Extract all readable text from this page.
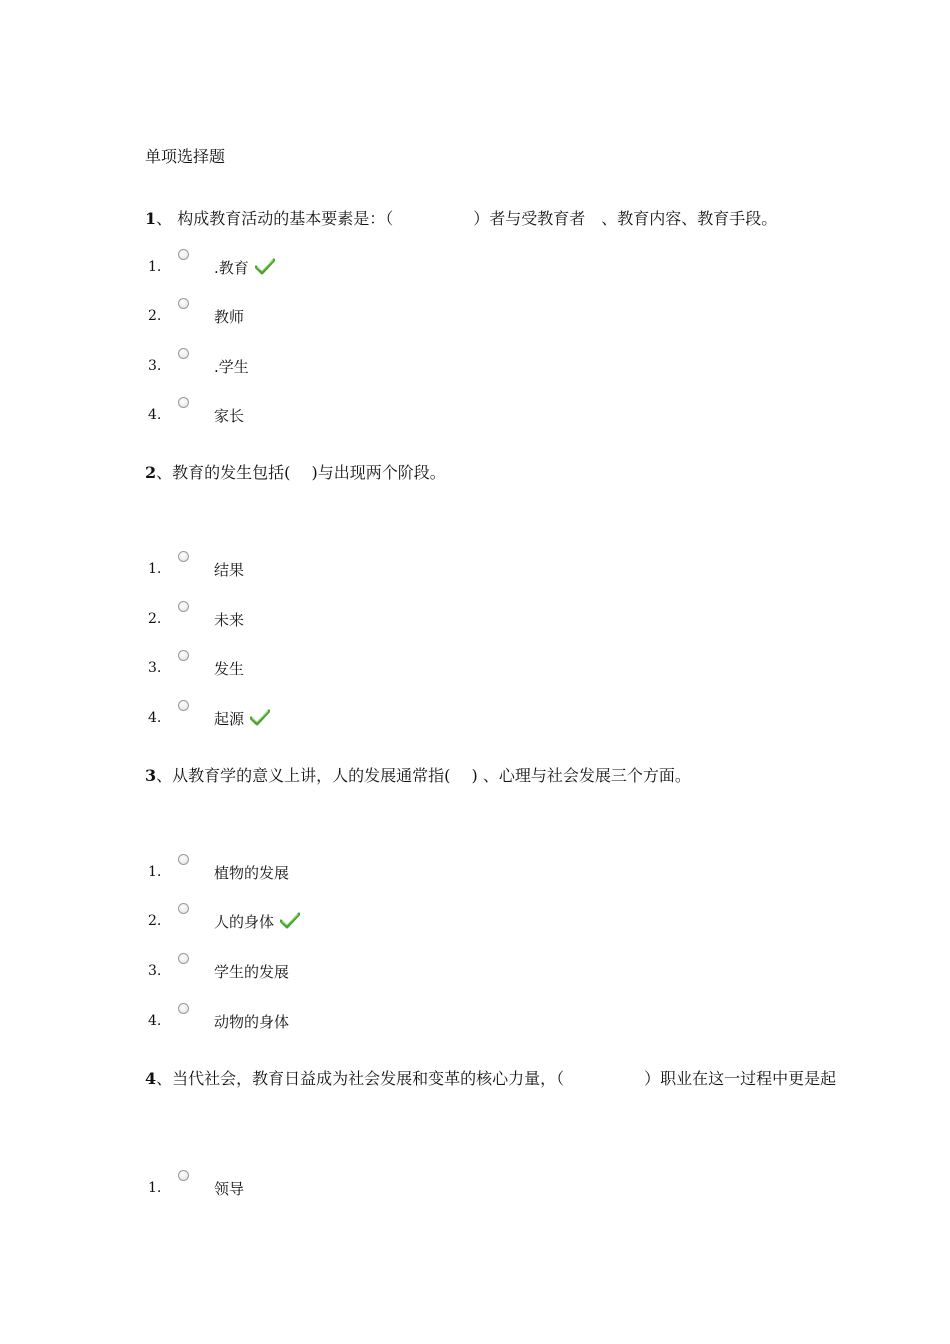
单项选择题
1、 构成教育活动的基本要素是：（　　　　　）者与受教育者　、教育内容、教育手段。
1.	.教育
2.	教师
3.	.学生
4.	家长
2、教育的发生包括(　 )与出现两个阶段。
1.	结果
2.	未来
3.	发生
4.	起源
3、从教育学的意义上讲，人的发展通常指(　 ) 、心理与社会发展三个方面。
1.	植物的发展
2.	人的身体
3.	学生的发展
4.	动物的身体
4、当代社会，教育日益成为社会发展和变革的核心力量，（　　　　　）职业在这一过程中更是起
1.	领导
